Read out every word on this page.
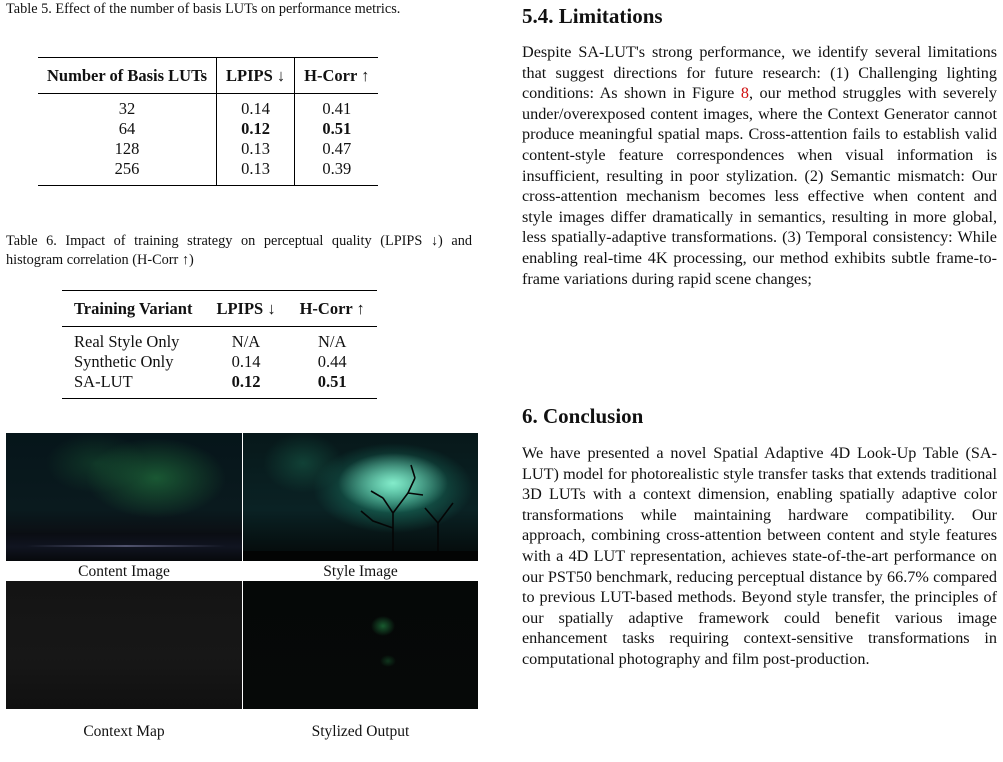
Table 5. Effect of the number of basis LUTs on performance metrics.
Number of Basis LUTs	LPIPS ↓	H-Corr ↑
32	0.14	0.41
64	0.12	0.51
128	0.13	0.47
256	0.13	0.39
Table 6. Impact of training strategy on perceptual quality (LPIPS ↓) and histogram correlation (H-Corr ↑)
Training Variant	LPIPS ↓	H-Corr ↑
Real Style Only	N/A	N/A
Synthetic Only	0.14	0.44
SA-LUT	0.12	0.51
Content Image	Style Image
Context Map	Stylized Output
5.4. Limitations
Despite SA-LUT's strong performance, we identify several limitations that suggest directions for future research: (1) Challenging lighting conditions: As shown in Figure 8, our method struggles with severely under/overexposed content images, where the Context Generator cannot produce meaningful spatial maps. Cross-attention fails to establish valid content-style feature correspondences when visual information is insufficient, resulting in poor stylization. (2) Semantic mismatch: Our cross-attention mechanism becomes less effective when content and style images differ dramatically in semantics, resulting in more global, less spatially-adaptive transformations. (3) Temporal consistency: While enabling real-time 4K processing, our method exhibits subtle frame-to-frame variations during rapid scene changes;
6. Conclusion
We have presented a novel Spatial Adaptive 4D Look-Up Table (SA-LUT) model for photorealistic style transfer tasks that extends traditional 3D LUTs with a context dimension, enabling spatially adaptive color transformations while maintaining hardware compatibility. Our approach, combining cross-attention between content and style features with a 4D LUT representation, achieves state-of-the-art performance on our PST50 benchmark, reducing perceptual distance by 66.7% compared to previous LUT-based methods. Beyond style transfer, the principles of our spatially adaptive framework could benefit various image enhancement tasks requiring context-sensitive transformations in computational photography and film post-production.
